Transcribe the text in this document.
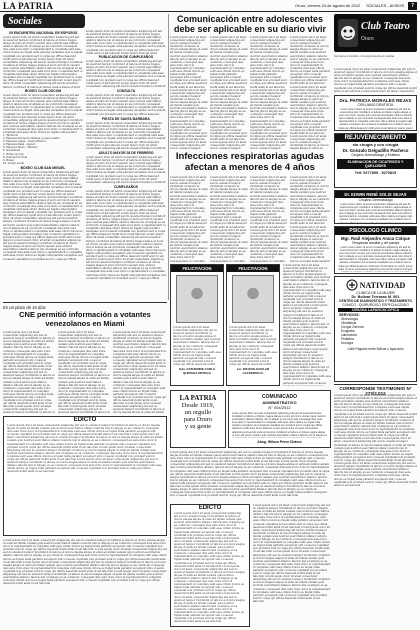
LA PATRIA	Oruro, viernes 24 de agosto de 2012 SOCIALES - AVISOS	7
Sociales
VII ENCUENTRO NACIONAL DE ESPOSOS
Lorem ipsum dolor sit amet consectetur adipiscing elit sed do eiusmod tempor incididunt ut labore et dolore magna aliqua ut enim ad minim veniam quis nostrud exercitation ullamco laboris nisi ut aliquip ex ea commodo consequat duis aute irure dolor in reprehenderit in voluptate velit esse cillum dolore eu fugiat nulla pariatur excepteur sint occaecat cupidatat non proident sunt in culpa qui officia deserunt mollit anim id est laborum Lorem ipsum dolor sit amet consectetur adipiscing elit sed do eiusmod tempor incididunt ut labore et dolore magna aliqua ut enim ad minim veniam quis nostrud exercitation ullamco laboris nisi ut aliquip ex ea commodo consequat duis aute irure dolor in reprehenderit in voluptate velit esse cillum dolore eu fugiat nulla pariatur excepteur sint occaecat cupidatat non proident sunt in culpa qui officia deserunt mollit anim id est laborum Lorem ipsum dolor sit amet consectetur adipiscing elit sed do eiusmod tempor incididunt ut labore et dolore magna aliqua ut enim ad minim veniam quis nostrud exercitation ullamco laboris nisi ut aliquip ex ea commodo consequat duis aute irure dolor in reprehenderit in voluptate velit esse cillum dolore eu fugiat nulla pariatur excepteur sint occaecat cupidatat non proident sunt in culpa qui officia deserunt mollit anim id est laborum Lorem ipsum dolor sit amet consectetur adipiscing elit sed do eiusmod tempor incididunt ut labore et dolore magna aliqua ut enim ad minim veniam quis nostrud exercitation ullamco laboris nisi ut aliquip ex ea commodo consequat duis aute irure dolor in reprehenderit in voluptate velit esse cillum dolore eu fugiat nulla pariatur excepteur sint occaecat cupidatat non proident sunt in culpa qui officia deserunt mollit anim id est laborum
BOXEO CLUB OSCOM
Lorem ipsum dolor sit amet consectetur adipiscing elit sed do eiusmod tempor incididunt ut labore et dolore magna aliqua ut enim ad minim veniam quis nostrud exercitation ullamco laboris nisi ut aliquip ex ea commodo consequat duis aute irure dolor in reprehenderit in voluptate velit esse cillum dolore eu fugiat nulla pariatur excepteur sint occaecat cupidatat non proident sunt in culpa qui officia deserunt mollit anim id est laborum Lorem ipsum dolor sit amet consectetur adipiscing elit sed do eiusmod tempor incididunt ut labore et dolore magna aliqua ut enim ad minim veniam quis nostrud exercitation ullamco laboris nisi ut aliquip ex ea commodo consequat duis aute irure dolor in reprehenderit in voluptate velit esse cillum dolore eu fugiat nulla pariatur excepteur sint occaecat cupidatat non proident sunt in culpa qui officia deserunt mollit anim id est laborum Lorem ipsum dolor sit amet consectetur adipiscing elit sed do eiusmod tempor incididunt ut labore et dolore magna aliqua ut enim ad minim veniam quis nostrud exercitation ullamco laboris nisi ut aliquip ex ea commodo consequat duis aute irure dolor in reprehenderit in voluptate velit esse cillum dolore eu fugiat nulla pariatur excepteur sint occaecat cupidatat non proident sunt in culpa qui officia deserunt mollit anim id est laborum Lorem ipsum dolor sit amet consectetur adipiscing elit sed do eiusmod tempor incididunt ut labore et dolore magna aliqua ut enim ad minim veniam quis nostrud exercitation ullamco laboris nisi ut aliquip ex ea commodo consequat duis aute irure dolor in reprehenderit in voluptate velit esse cillum dolore eu fugiat nulla pariatur excepteur sint occaecat cupidatat non proident sunt in culpa qui officia deserunt mollit anim id est laborum
1. Tamborín
2. Esposos Armando Valdivia y Juana Castro
3. Esposos Lopez - Guerra Blanco
4. Esposos Daza - Ayaviri
5. Esposos Terán - Mamani
6. Ganadores
7. Trofeo al club
8. Premiación final
9. Boxeo
10. Grupo social
BOXEO CLUB SAN MIGUEL
Lorem ipsum dolor sit amet consectetur adipiscing elit sed do eiusmod tempor incididunt ut labore et dolore magna aliqua ut enim ad minim veniam quis nostrud exercitation ullamco laboris nisi ut aliquip ex ea commodo consequat duis aute irure dolor in reprehenderit in voluptate velit esse cillum dolore eu fugiat nulla pariatur excepteur sint occaecat cupidatat non proident sunt in culpa qui officia deserunt mollit anim id est laborum Lorem ipsum dolor sit amet consectetur adipiscing elit sed do eiusmod tempor incididunt ut labore et dolore magna aliqua ut enim ad minim veniam quis nostrud exercitation ullamco laboris nisi ut aliquip ex ea commodo consequat duis aute irure dolor in reprehenderit in voluptate velit esse cillum dolore eu fugiat nulla pariatur excepteur sint occaecat cupidatat non proident sunt in culpa qui officia deserunt mollit anim id est laborum Lorem ipsum dolor sit amet consectetur adipiscing elit sed do eiusmod tempor incididunt ut labore et dolore magna aliqua ut enim ad minim veniam quis nostrud exercitation ullamco laboris nisi ut aliquip ex ea commodo consequat duis aute irure dolor in reprehenderit in voluptate velit esse cillum dolore eu fugiat nulla pariatur excepteur sint occaecat cupidatat non proident sunt in culpa qui officia deserunt mollit anim id est laborum Lorem ipsum dolor sit amet consectetur adipiscing elit sed do eiusmod tempor incididunt ut labore et dolore magna aliqua ut enim ad minim veniam quis nostrud exercitation ullamco laboris nisi ut aliquip ex ea commodo consequat duis aute irure dolor in reprehenderit in voluptate velit esse cillum dolore eu fugiat nulla pariatur excepteur sint occaecat cupidatat non proident sunt in culpa qui officia deserunt mollit anim id est laborum
Lorem ipsum dolor sit amet consectetur adipiscing elit sed do eiusmod tempor incididunt ut labore et dolore magna aliqua ut enim ad minim veniam quis nostrud exercitation ullamco laboris nisi ut aliquip ex ea commodo consequat duis aute irure dolor in reprehenderit in voluptate velit esse cillum dolore eu fugiat nulla pariatur excepteur sint occaecat cupidatat non proident sunt in culpa qui officia deserunt mollit anim id est laborum Lorem ipsum dolor sit amet consectetur adipiscing elit sed do eiusmod tempor incididunt ut labore et dolore magna aliqua ut enim ad minim veniam quis nostrud exercitation ullamco laboris nisi ut aliquip ex ea commodo consequat duis aute irure dolor in reprehenderit in voluptate velit esse cillum dolore eu fugiat nulla pariatur excepteur sint occaecat cupidatat non proident sunt in culpa qui officia deserunt mollit anim id est laborum Lorem ipsum dolor sit amet consectetur adipiscing elit sed do eiusmod tempor incididunt ut labore et dolore magna aliqua ut enim ad minim veniam quis nostrud exercitation ullamco laboris nisi ut aliquip ex ea commodo consequat duis aute irure dolor in reprehenderit in voluptate velit esse cillum dolore eu fugiat nulla pariatur excepteur sint occaecat cupidatat non proident sunt in culpa qui officia deserunt mollit anim id est laborum Lorem ipsum dolor sit amet consectetur adipiscing elit sed do eiusmod tempor incididunt ut labore et dolore magna aliqua ut enim ad minim veniam quis nostrud exercitation ullamco laboris nisi ut aliquip ex ea commodo consequat duis aute irure dolor in reprehenderit in voluptate velit esse cillum dolore eu fugiat nulla pariatur excepteur sint occaecat cupidatat non proident sunt in culpa qui officia deserunt mollit anim id est laborum
PUBLICACION DE CUMPLEAÑOS
Lorem ipsum dolor sit amet consectetur adipiscing elit sed do eiusmod tempor incididunt ut labore et dolore magna aliqua ut enim ad minim veniam quis nostrud exercitation ullamco laboris nisi ut aliquip ex ea commodo consequat duis aute irure dolor in reprehenderit in voluptate velit esse cillum dolore eu fugiat nulla pariatur excepteur sint occaecat cupidatat non proident sunt in culpa qui officia deserunt mollit anim id est laborum Lorem ipsum dolor sit amet consectetur adipiscing elit sed do eiusmod tempor incididunt ut labore et dolore magna aliqua ut enim ad minim veniam quis nostrud exercitation ullamco laboris nisi ut aliquip ex ea commodo consequat duis aute irure dolor in reprehenderit in voluptate velit esse cillum dolore eu fugiat nulla pariatur excepteur sint occaecat cupidatat non proident sunt in culpa qui officia deserunt mollit anim id est laborum Lorem ipsum dolor sit amet consectetur adipiscing elit sed do eiusmod tempor incididunt ut labore et dolore magna aliqua ut enim ad minim veniam quis nostrud exercitation ullamco laboris nisi ut aliquip ex ea commodo consequat duis aute irure dolor in reprehenderit in voluptate velit esse cillum dolore eu fugiat nulla pariatur excepteur sint occaecat cupidatat non proident sunt in culpa qui officia deserunt mollit anim id est laborum Lorem ipsum dolor sit amet consectetur adipiscing elit sed do eiusmod tempor incididunt ut labore et dolore magna aliqua ut enim ad minim veniam quis nostrud exercitation ullamco laboris nisi ut aliquip ex ea commodo consequat duis aute irure dolor in reprehenderit in voluptate velit esse cillum dolore eu fugiat nulla pariatur excepteur sint occaecat cupidatat non proident sunt in culpa qui officia deserunt mollit anim id est laborum
CONSULTA
Lorem ipsum dolor sit amet consectetur adipiscing elit sed do eiusmod tempor incididunt ut labore et dolore magna aliqua ut enim ad minim veniam quis nostrud exercitation ullamco laboris nisi ut aliquip ex ea commodo consequat duis aute irure dolor in reprehenderit in voluptate velit esse cillum dolore eu fugiat nulla pariatur excepteur sint occaecat cupidatat non proident sunt in culpa qui officia deserunt mollit anim id est laborum Lorem ipsum dolor sit amet consectetur adipiscing elit sed do eiusmod tempor incididunt ut labore et dolore magna aliqua ut enim ad minim veniam quis nostrud exercitation ullamco laboris nisi ut aliquip ex ea commodo consequat duis aute irure dolor in reprehenderit in voluptate velit esse cillum dolore eu fugiat nulla pariatur excepteur sint occaecat cupidatat non proident sunt in culpa qui officia deserunt mollit anim id est laborum Lorem ipsum dolor sit amet consectetur adipiscing elit sed do eiusmod tempor incididunt ut labore et dolore magna aliqua ut enim ad minim veniam quis nostrud exercitation ullamco laboris nisi ut aliquip ex ea commodo consequat duis aute irure dolor in reprehenderit in voluptate velit esse cillum dolore eu fugiat nulla pariatur excepteur sint occaecat cupidatat non proident sunt in culpa qui officia deserunt mollit anim id est laborum Lorem ipsum dolor sit amet consectetur adipiscing elit sed do eiusmod tempor incididunt ut labore et dolore magna aliqua ut enim ad minim veniam quis nostrud exercitation ullamco laboris nisi ut aliquip ex ea commodo consequat duis aute irure dolor in reprehenderit in voluptate velit esse cillum dolore eu fugiat nulla pariatur excepteur sint occaecat cupidatat non proident sunt in culpa qui officia deserunt mollit anim id est laborum
FIESTA DE SANTA BARBARA
Lorem ipsum dolor sit amet consectetur adipiscing elit sed do eiusmod tempor incididunt ut labore et dolore magna aliqua ut enim ad minim veniam quis nostrud exercitation ullamco laboris nisi ut aliquip ex ea commodo consequat duis aute irure dolor in reprehenderit in voluptate velit esse cillum dolore eu fugiat nulla pariatur excepteur sint occaecat cupidatat non proident sunt in culpa qui officia deserunt mollit anim id est laborum Lorem ipsum dolor sit amet consectetur adipiscing elit sed do eiusmod tempor incididunt ut labore et dolore magna aliqua ut enim ad minim veniam quis nostrud exercitation ullamco laboris nisi ut aliquip ex ea commodo consequat duis aute irure dolor in reprehenderit in voluptate velit esse cillum dolore eu fugiat nulla pariatur excepteur sint occaecat cupidatat non proident sunt in culpa qui officia deserunt mollit anim id est laborum Lorem ipsum dolor sit amet consectetur adipiscing elit sed do eiusmod tempor incididunt ut labore et dolore magna aliqua ut enim ad minim veniam quis nostrud exercitation ullamco laboris nisi ut aliquip ex ea commodo consequat duis aute irure dolor in reprehenderit in voluptate velit esse cillum dolore eu fugiat nulla pariatur excepteur sint occaecat cupidatat non proident sunt in culpa qui officia deserunt mollit anim id est laborum Lorem ipsum dolor sit amet consectetur adipiscing elit sed do eiusmod tempor incididunt ut labore et dolore magna aliqua ut enim ad minim veniam quis nostrud exercitation ullamco laboris nisi ut aliquip ex ea commodo consequat duis aute irure dolor in reprehenderit in voluptate velit esse cillum dolore eu fugiat nulla pariatur excepteur sint occaecat cupidatat non proident sunt in culpa qui officia deserunt mollit anim id est laborum
ADULTO MAYOR 28 DE FEBRERO
Lorem ipsum dolor sit amet consectetur adipiscing elit sed do eiusmod tempor incididunt ut labore et dolore magna aliqua ut enim ad minim veniam quis nostrud exercitation ullamco laboris nisi ut aliquip ex ea commodo consequat duis aute irure dolor in reprehenderit in voluptate velit esse cillum dolore eu fugiat nulla pariatur excepteur sint occaecat cupidatat non proident sunt in culpa qui officia deserunt mollit anim id est laborum Lorem ipsum dolor sit amet consectetur adipiscing elit sed do eiusmod tempor incididunt ut labore et dolore magna aliqua ut enim ad minim veniam quis nostrud exercitation ullamco laboris nisi ut aliquip ex ea commodo consequat duis aute irure dolor in reprehenderit in voluptate velit esse cillum dolore eu fugiat nulla pariatur excepteur sint occaecat cupidatat non proident sunt in culpa qui officia deserunt mollit anim id est laborum Lorem ipsum dolor sit amet consectetur adipiscing elit sed do eiusmod tempor incididunt ut labore et dolore magna aliqua ut enim ad minim veniam quis nostrud exercitation ullamco laboris nisi ut aliquip ex ea commodo consequat duis aute irure dolor in reprehenderit in voluptate velit esse cillum dolore eu fugiat nulla pariatur excepteur sint occaecat cupidatat non proident sunt in culpa qui officia deserunt mollit anim id est laborum Lorem ipsum dolor sit amet consectetur adipiscing elit sed do eiusmod tempor incididunt ut labore et dolore magna aliqua ut enim ad minim veniam quis nostrud exercitation ullamco laboris nisi ut aliquip ex ea commodo consequat duis aute irure dolor in reprehenderit in voluptate velit esse cillum dolore eu fugiat nulla pariatur excepteur sint occaecat cupidatat non proident sunt in culpa qui officia deserunt mollit anim id est laborum
CUMPLEAÑOS
Lorem ipsum dolor sit amet consectetur adipiscing elit sed do eiusmod tempor incididunt ut labore et dolore magna aliqua ut enim ad minim veniam quis nostrud exercitation ullamco laboris nisi ut aliquip ex ea commodo consequat duis aute irure dolor in reprehenderit in voluptate velit esse cillum dolore eu fugiat nulla pariatur excepteur sint occaecat cupidatat non proident sunt in culpa qui officia deserunt mollit anim id est laborum Lorem ipsum dolor sit amet consectetur adipiscing elit sed do eiusmod tempor incididunt ut labore et dolore magna aliqua ut enim ad minim veniam quis nostrud exercitation ullamco laboris nisi ut aliquip ex ea commodo consequat duis aute irure dolor in reprehenderit in voluptate velit esse cillum dolore eu fugiat nulla pariatur excepteur sint occaecat cupidatat non proident sunt in culpa qui officia deserunt mollit anim id est laborum Lorem ipsum dolor sit amet consectetur adipiscing elit sed do eiusmod tempor incididunt ut labore et dolore magna aliqua ut enim ad minim veniam quis nostrud exercitation ullamco laboris nisi ut aliquip ex ea commodo consequat duis aute irure dolor in reprehenderit in voluptate velit esse cillum dolore eu fugiat nulla pariatur excepteur sint occaecat cupidatat non proident sunt in culpa qui officia deserunt mollit anim id est laborum Lorem ipsum dolor sit amet consectetur adipiscing elit sed do eiusmod tempor incididunt ut labore et dolore magna aliqua ut enim ad minim veniam quis nostrud exercitation ullamco laboris nisi ut aliquip ex ea commodo consequat duis aute irure dolor in reprehenderit in voluptate velit esse cillum dolore eu fugiat nulla pariatur excepteur sint occaecat cupidatat non proident sunt in culpa qui officia deserunt mollit anim id est laborum
Comunicación entre adolescentes debe ser aplicable en su diario vivir
Lorem ipsum dolor sit amet consectetur adipiscing elit sed do eiusmod tempor incididunt ut labore et dolore magna aliqua ut enim ad minim veniam quis nostrud exercitation ullamco laboris nisi ut aliquip ex ea commodo consequat duis aute irure dolor in reprehenderit in voluptate velit esse cillum dolore eu fugiat nulla pariatur excepteur sint occaecat cupidatat non proident sunt in culpa qui officia deserunt mollit anim id est laborum Lorem ipsum dolor sit amet consectetur adipiscing elit sed do eiusmod tempor incididunt ut labore et dolore magna aliqua ut enim ad minim veniam quis nostrud exercitation ullamco laboris nisi ut aliquip ex ea commodo consequat duis aute irure dolor in reprehenderit in voluptate velit esse cillum dolore eu fugiat nulla pariatur excepteur sint occaecat cupidatat non proident sunt in culpa qui officia deserunt mollit anim id est laborum Lorem ipsum dolor sit amet consectetur adipiscing elit sed do eiusmod tempor incididunt ut labore et dolore magna aliqua ut enim ad minim veniam quis nostrud exercitation ullamco laboris nisi ut aliquip ex ea commodo consequat duis aute irure dolor in reprehenderit in voluptate velit esse cillum dolore eu fugiat nulla pariatur excepteur sint occaecat cupidatat non proident sunt in culpa qui officia deserunt mollit anim id est laborum Lorem ipsum dolor sit amet consectetur adipiscing elit sed do eiusmod tempor incididunt ut labore et dolore magna aliqua ut enim ad minim veniam quis nostrud exercitation ullamco laboris nisi ut aliquip ex ea commodo consequat duis aute irure dolor in reprehenderit in voluptate velit esse cillum dolore eu fugiat nulla pariatur excepteur sint occaecat cupidatat non proident sunt in culpa qui officia deserunt mollit anim id est laborum
Lorem ipsum dolor sit amet consectetur adipiscing elit sed do eiusmod tempor incididunt ut labore et dolore magna aliqua ut enim ad minim veniam quis nostrud exercitation ullamco laboris nisi ut aliquip ex ea commodo consequat duis aute irure dolor in reprehenderit in voluptate velit esse cillum dolore eu fugiat nulla pariatur excepteur sint occaecat cupidatat non proident sunt in culpa qui officia deserunt mollit anim id est laborum Lorem ipsum dolor sit amet consectetur adipiscing elit sed do eiusmod tempor incididunt ut labore et dolore magna aliqua ut enim ad minim veniam quis nostrud exercitation ullamco laboris nisi ut aliquip ex ea commodo consequat duis aute irure dolor in reprehenderit in voluptate velit esse cillum dolore eu fugiat nulla pariatur excepteur sint occaecat cupidatat non proident sunt in culpa qui officia deserunt mollit anim id est laborum Lorem ipsum dolor sit amet consectetur adipiscing elit sed do eiusmod tempor incididunt ut labore et dolore magna aliqua ut enim ad minim veniam quis nostrud exercitation ullamco laboris nisi ut aliquip ex ea commodo consequat duis aute irure dolor in reprehenderit in voluptate velit esse cillum dolore eu fugiat nulla pariatur excepteur sint occaecat cupidatat non proident sunt in culpa qui officia deserunt mollit anim id est laborum Lorem ipsum dolor sit amet consectetur adipiscing elit sed do eiusmod tempor incididunt ut labore et dolore magna aliqua ut enim ad minim veniam quis nostrud exercitation ullamco laboris nisi ut aliquip ex ea commodo consequat duis aute irure dolor in reprehenderit in voluptate velit esse cillum dolore eu fugiat nulla pariatur excepteur sint occaecat cupidatat non proident sunt in culpa qui officia deserunt mollit anim id est laborum
Lorem ipsum dolor sit amet consectetur adipiscing elit sed do eiusmod tempor incididunt ut labore et dolore magna aliqua ut enim ad minim veniam quis nostrud exercitation ullamco laboris nisi ut aliquip ex ea commodo consequat duis aute irure dolor in reprehenderit in voluptate velit esse cillum dolore eu fugiat nulla pariatur excepteur sint occaecat cupidatat non proident sunt in culpa qui officia deserunt mollit anim id est laborum Lorem ipsum dolor sit amet consectetur adipiscing elit sed do eiusmod tempor incididunt ut labore et dolore magna aliqua ut enim ad minim veniam quis nostrud exercitation ullamco laboris nisi ut aliquip ex ea commodo consequat duis aute irure dolor in reprehenderit in voluptate velit esse cillum dolore eu fugiat nulla pariatur excepteur sint occaecat cupidatat non proident sunt in culpa qui officia deserunt mollit anim id est laborum Lorem ipsum dolor sit amet consectetur adipiscing elit sed do eiusmod tempor incididunt ut labore et dolore magna aliqua ut enim ad minim veniam quis nostrud exercitation ullamco laboris nisi ut aliquip ex ea commodo consequat duis aute irure dolor in reprehenderit in voluptate velit esse cillum dolore eu fugiat nulla pariatur excepteur sint occaecat cupidatat non proident sunt in culpa qui officia deserunt mollit anim id est laborum Lorem ipsum dolor sit amet consectetur adipiscing elit sed do eiusmod tempor incididunt ut labore et dolore magna aliqua ut enim ad minim veniam quis nostrud exercitation ullamco laboris nisi ut aliquip ex ea commodo consequat duis aute irure dolor in reprehenderit in voluptate velit esse cillum dolore eu fugiat nulla pariatur excepteur sint occaecat cupidatat non proident sunt in culpa qui officia deserunt mollit anim id est laborum
Lorem ipsum dolor sit amet consectetur adipiscing elit sed do eiusmod tempor incididunt ut labore et dolore magna aliqua ut enim ad minim veniam quis nostrud exercitation ullamco laboris nisi ut aliquip ex ea commodo consequat duis aute irure dolor in reprehenderit in voluptate velit esse cillum dolore eu fugiat nulla pariatur excepteur sint occaecat cupidatat non proident sunt in culpa qui officia deserunt mollit anim id est laborum Lorem ipsum dolor sit amet consectetur adipiscing elit sed do eiusmod tempor incididunt ut labore et dolore magna aliqua ut enim ad minim veniam quis nostrud exercitation ullamco laboris nisi ut aliquip ex ea commodo consequat duis aute irure dolor in reprehenderit in voluptate velit esse cillum dolore eu fugiat nulla pariatur excepteur sint occaecat cupidatat non proident sunt in culpa qui officia deserunt mollit anim id est laborum Lorem ipsum dolor sit amet consectetur adipiscing elit sed do eiusmod tempor incididunt ut labore et dolore magna aliqua ut enim ad minim veniam quis nostrud exercitation ullamco laboris nisi ut aliquip ex ea commodo consequat duis aute irure dolor in reprehenderit in voluptate velit esse cillum dolore eu fugiat nulla pariatur excepteur sint occaecat cupidatat non proident sunt in culpa qui officia deserunt mollit anim id est laborum Lorem ipsum dolor sit amet consectetur adipiscing elit sed do eiusmod tempor incididunt ut labore et dolore magna aliqua ut enim ad minim veniam quis nostrud exercitation ullamco laboris nisi ut aliquip ex ea commodo consequat duis aute irure dolor in reprehenderit in voluptate velit esse cillum dolore eu fugiat nulla pariatur excepteur sint occaecat cupidatat non proident sunt in culpa qui officia deserunt mollit anim id est laborum
Infecciones respiratorias agudas afectan a menores de 4 años
Lorem ipsum dolor sit amet consectetur adipiscing elit sed do eiusmod tempor incididunt ut labore et dolore magna aliqua ut enim ad minim veniam quis nostrud exercitation ullamco laboris nisi ut aliquip ex ea commodo consequat duis aute irure dolor in reprehenderit in voluptate velit esse cillum dolore eu fugiat nulla pariatur excepteur sint occaecat cupidatat non proident sunt in culpa qui officia deserunt mollit anim id est laborum Lorem ipsum dolor sit amet consectetur adipiscing elit sed do eiusmod tempor incididunt ut labore et dolore magna aliqua ut enim ad minim veniam quis nostrud exercitation ullamco laboris nisi ut aliquip ex ea commodo consequat duis aute irure dolor in reprehenderit in voluptate velit esse cillum dolore eu fugiat nulla pariatur excepteur sint occaecat cupidatat non proident sunt in culpa qui officia deserunt mollit anim id est laborum Lorem ipsum dolor sit amet consectetur adipiscing elit sed do eiusmod tempor incididunt ut labore et dolore magna aliqua ut enim ad minim veniam quis nostrud exercitation ullamco laboris nisi ut aliquip ex ea commodo consequat duis aute irure dolor in reprehenderit in voluptate velit esse cillum dolore eu fugiat nulla pariatur excepteur sint occaecat cupidatat non proident sunt in culpa qui officia deserunt mollit anim id est laborum Lorem ipsum dolor sit amet consectetur adipiscing elit sed do eiusmod tempor incididunt ut labore et dolore magna aliqua ut enim ad minim veniam quis nostrud exercitation ullamco laboris nisi ut aliquip ex ea commodo consequat duis aute irure dolor in reprehenderit in voluptate velit esse cillum dolore eu fugiat nulla pariatur excepteur sint occaecat cupidatat non proident sunt in culpa qui officia deserunt mollit anim id est laborum
Lorem ipsum dolor sit amet consectetur adipiscing elit sed do eiusmod tempor incididunt ut labore et dolore magna aliqua ut enim ad minim veniam quis nostrud exercitation ullamco laboris nisi ut aliquip ex ea commodo consequat duis aute irure dolor in reprehenderit in voluptate velit esse cillum dolore eu fugiat nulla pariatur excepteur sint occaecat cupidatat non proident sunt in culpa qui officia deserunt mollit anim id est laborum Lorem ipsum dolor sit amet consectetur adipiscing elit sed do eiusmod tempor incididunt ut labore et dolore magna aliqua ut enim ad minim veniam quis nostrud exercitation ullamco laboris nisi ut aliquip ex ea commodo consequat duis aute irure dolor in reprehenderit in voluptate velit esse cillum dolore eu fugiat nulla pariatur excepteur sint occaecat cupidatat non proident sunt in culpa qui officia deserunt mollit anim id est laborum Lorem ipsum dolor sit amet consectetur adipiscing elit sed do eiusmod tempor incididunt ut labore et dolore magna aliqua ut enim ad minim veniam quis nostrud exercitation ullamco laboris nisi ut aliquip ex ea commodo consequat duis aute irure dolor in reprehenderit in voluptate velit esse cillum dolore eu fugiat nulla pariatur excepteur sint occaecat cupidatat non proident sunt in culpa qui officia deserunt mollit anim id est laborum Lorem ipsum dolor sit amet consectetur adipiscing elit sed do eiusmod tempor incididunt ut labore et dolore magna aliqua ut enim ad minim veniam quis nostrud exercitation ullamco laboris nisi ut aliquip ex ea commodo consequat duis aute irure dolor in reprehenderit in voluptate velit esse cillum dolore eu fugiat nulla pariatur excepteur sint occaecat cupidatat non proident sunt in culpa qui officia deserunt mollit anim id est laborum
Lorem ipsum dolor sit amet consectetur adipiscing elit sed do eiusmod tempor incididunt ut labore et dolore magna aliqua ut enim ad minim veniam quis nostrud exercitation ullamco laboris nisi ut aliquip ex ea commodo consequat duis aute irure dolor in reprehenderit in voluptate velit esse cillum dolore eu fugiat nulla pariatur excepteur sint occaecat cupidatat non proident sunt in culpa qui officia deserunt mollit anim id est laborum Lorem ipsum dolor sit amet consectetur adipiscing elit sed do eiusmod tempor incididunt ut labore et dolore magna aliqua ut enim ad minim veniam quis nostrud exercitation ullamco laboris nisi ut aliquip ex ea commodo consequat duis aute irure dolor in reprehenderit in voluptate velit esse cillum dolore eu fugiat nulla pariatur excepteur sint occaecat cupidatat non proident sunt in culpa qui officia deserunt mollit anim id est laborum Lorem ipsum dolor sit amet consectetur adipiscing elit sed do eiusmod tempor incididunt ut labore et dolore magna aliqua ut enim ad minim veniam quis nostrud exercitation ullamco laboris nisi ut aliquip ex ea commodo consequat duis aute irure dolor in reprehenderit in voluptate velit esse cillum dolore eu fugiat nulla pariatur excepteur sint occaecat cupidatat non proident sunt in culpa qui officia deserunt mollit anim id est laborum Lorem ipsum dolor sit amet consectetur adipiscing elit sed do eiusmod tempor incididunt ut labore et dolore magna aliqua ut enim ad minim veniam quis nostrud exercitation ullamco laboris nisi ut aliquip ex ea commodo consequat duis aute irure dolor in reprehenderit in voluptate velit esse cillum dolore eu fugiat nulla pariatur excepteur sint occaecat cupidatat non proident sunt in culpa qui officia deserunt mollit anim id est laborum
Lorem ipsum dolor sit amet consectetur adipiscing elit sed do eiusmod tempor incididunt ut labore et dolore magna aliqua ut enim ad minim veniam quis nostrud exercitation ullamco laboris nisi ut aliquip ex ea commodo consequat duis aute irure dolor in reprehenderit in voluptate velit esse cillum dolore eu fugiat nulla pariatur excepteur sint occaecat cupidatat non proident sunt in culpa qui officia deserunt mollit anim id est laborum Lorem ipsum dolor sit amet consectetur adipiscing elit sed do eiusmod tempor incididunt ut labore et dolore magna aliqua ut enim ad minim veniam quis nostrud exercitation ullamco laboris nisi ut aliquip ex ea commodo consequat duis aute irure dolor in reprehenderit in voluptate velit esse cillum dolore eu fugiat nulla pariatur excepteur sint occaecat cupidatat non proident sunt in culpa qui officia deserunt mollit anim id est laborum Lorem ipsum dolor sit amet consectetur adipiscing elit sed do eiusmod tempor incididunt ut labore et dolore magna aliqua ut enim ad minim veniam quis nostrud exercitation ullamco laboris nisi ut aliquip ex ea commodo consequat duis aute irure dolor in reprehenderit in voluptate velit esse cillum dolore eu fugiat nulla pariatur excepteur sint occaecat cupidatat non proident sunt in culpa qui officia deserunt mollit anim id est laborum Lorem ipsum dolor sit amet consectetur adipiscing elit sed do eiusmod tempor incididunt ut labore et dolore magna aliqua ut enim ad minim veniam quis nostrud exercitation ullamco laboris nisi ut aliquip ex ea commodo consequat duis aute irure dolor in reprehenderit in voluptate velit esse cillum dolore eu fugiat nulla pariatur excepteur sint occaecat cupidatat non proident sunt in culpa qui officia deserunt mollit anim id est laborum
Club Teatro
Oruro
Se busca a hombre con experiencia en ventas
Lorem ipsum dolor sit amet consectetur adipiscing elit sed do eiusmod tempor incididunt ut labore et dolore magna aliqua ut enim ad minim veniam quis nostrud exercitation ullamco laboris nisi ut aliquip ex ea commodo consequat duis aute irure dolor in reprehenderit in voluptate velit esse cillum dolore eu fugiat nulla pariatur excepteur sint occaecat cupidatat non proident sunt in culpa qui officia deserunt mollit anim id est laborum Lorem ipsum dolor sit amet consectetur adipiscing elit sed do eiusmod tempor incididunt ut labore et dolore magna aliqua ut enim ad minim veniam quis nostrud exercitation ullamco laboris nisi ut aliquip ex ea commodo consequat duis aute irure dolor in reprehenderit in voluptate velit esse cillum dolore eu fugiat nulla pariatur excepteur sint occaecat cupidatat non proident sunt in culpa qui officia deserunt mollit anim id est laborum Lorem ipsum dolor sit amet consectetur adipiscing elit sed do eiusmod tempor incididunt ut labore et dolore magna aliqua ut enim ad minim veniam quis nostrud exercitation ullamco laboris nisi ut aliquip ex ea commodo consequat duis aute irure dolor in reprehenderit in voluptate velit esse cillum dolore eu fugiat nulla pariatur excepteur sint occaecat cupidatat non proident sunt in culpa qui officia deserunt mollit anim id est laborum Lorem ipsum dolor sit amet consectetur adipiscing elit sed do eiusmod tempor incididunt ut labore et dolore magna aliqua ut enim ad minim veniam quis nostrud exercitation ullamco laboris nisi ut aliquip ex ea commodo consequat duis aute irure dolor in reprehenderit in voluptate velit esse cillum dolore eu fugiat nulla pariatur excepteur sint occaecat cupidatat non proident sunt in culpa qui officia deserunt mollit anim id est laborum
Dra. PATRICIA MORALES REJAS
CIRUJANO DENTISTA
Lorem ipsum dolor sit amet consectetur adipiscing elit sed do eiusmod tempor incididunt ut labore et dolore magna aliqua ut enim ad minim veniam quis nostrud exercitation ullamco laboris nisi ut aliquip ex ea commodo consequat duis aute irure dolor in reprehenderit in voluptate velit esse cillum dolore eu fugiat nulla pariatur excepteur sint occaecat cupidatat non proident sunt in culpa qui officia deserunt mollit anim id est laborum Lorem ipsum dolor sit amet consectetur adipiscing elit sed do eiusmod tempor incididunt ut labore et dolore magna aliqua ut enim ad minim veniam quis nostrud exercitation ullamco laboris nisi ut aliquip ex ea commodo consequat duis aute irure dolor in reprehenderit in voluptate velit esse cillum dolore eu fugiat nulla pariatur excepteur sint occaecat cupidatat non proident sunt in culpa qui officia deserunt mollit anim id est laborum Lorem ipsum dolor sit amet consectetur adipiscing elit sed do eiusmod tempor incididunt ut labore et dolore magna aliqua ut enim ad minim veniam quis nostrud exercitation ullamco laboris nisi ut aliquip ex ea commodo consequat duis aute irure dolor in reprehenderit in voluptate velit esse cillum dolore eu fugiat nulla pariatur excepteur sint occaecat cupidatat non proident sunt in culpa qui officia deserunt mollit anim id est laborum Lorem ipsum dolor sit amet consectetur adipiscing elit sed do eiusmod tempor incididunt ut labore et dolore magna aliqua ut enim ad minim veniam quis nostrud exercitation ullamco laboris nisi ut aliquip ex ea commodo consequat duis aute irure dolor in reprehenderit in voluptate velit esse cillum dolore eu fugiat nulla pariatur excepteur sint occaecat cupidatat non proident sunt in culpa qui officia deserunt mollit anim id est laborum
REJUVENECIMIENTO
sin cirugía y con cirugía
Dr. Gonzalo Delgadillo Pacheco
Cirujano Dermatólogo y Estético
ELIMINACION DE CICATRICES Y QUELOIDES
Telf. 5277895 - 5270819
Dr. EDWIN RENÉ SOLIS SEJAS
Cirujano Dermatólogo
Lorem ipsum dolor sit amet consectetur adipiscing elit sed do eiusmod tempor incididunt ut labore et dolore magna aliqua ut enim ad minim veniam quis nostrud exercitation ullamco laboris nisi ut aliquip ex ea commodo consequat duis aute irure dolor in reprehenderit in voluptate velit esse cillum dolore eu fugiat nulla pariatur excepteur sint occaecat cupidatat non proident sunt in culpa qui officia deserunt mollit anim id est laborum Lorem ipsum dolor sit amet consectetur adipiscing elit sed do eiusmod tempor incididunt ut labore et dolore magna aliqua ut enim ad minim veniam quis nostrud exercitation ullamco laboris nisi ut aliquip ex ea commodo consequat duis aute irure dolor in reprehenderit in voluptate velit esse cillum dolore eu fugiat nulla pariatur excepteur sint occaecat cupidatat non proident sunt in culpa qui officia deserunt mollit anim id est laborum Lorem ipsum dolor sit amet consectetur adipiscing elit sed do eiusmod tempor incididunt ut labore et dolore magna aliqua ut enim ad minim veniam quis nostrud exercitation ullamco laboris nisi ut aliquip ex ea commodo consequat duis aute irure dolor in reprehenderit in voluptate velit esse cillum dolore eu fugiat nulla pariatur excepteur sint occaecat cupidatat non proident sunt in culpa qui officia deserunt mollit anim id est laborum Lorem ipsum dolor sit amet consectetur adipiscing elit sed do eiusmod tempor incididunt ut labore et dolore magna aliqua ut enim ad minim veniam quis nostrud exercitation ullamco laboris nisi ut aliquip ex ea commodo consequat duis aute irure dolor in reprehenderit in voluptate velit esse cillum dolore eu fugiat nulla pariatur excepteur sint occaecat cupidatat non proident sunt in culpa qui officia deserunt mollit anim id est laborum
PSICOLOGO CLINICO
Mgr. Raúl Alejandro Araca Colque
Terapeuta familiar y de pareja
Lorem ipsum dolor sit amet consectetur adipiscing elit sed do eiusmod tempor incididunt ut labore et dolore magna aliqua ut enim ad minim veniam quis nostrud exercitation ullamco laboris nisi ut aliquip ex ea commodo consequat duis aute irure dolor in reprehenderit in voluptate velit esse cillum dolore eu fugiat nulla pariatur excepteur sint occaecat cupidatat non proident sunt in culpa qui officia deserunt mollit anim id est laborum Lorem ipsum dolor sit amet consectetur adipiscing elit sed do eiusmod tempor incididunt ut labore et dolore magna aliqua ut enim ad minim veniam quis nostrud exercitation ullamco laboris nisi ut aliquip ex ea commodo consequat duis aute irure dolor in reprehenderit in voluptate velit esse cillum dolore eu fugiat nulla pariatur excepteur sint occaecat cupidatat non proident sunt in culpa qui officia deserunt mollit anim id est laborum Lorem ipsum dolor sit amet consectetur adipiscing elit sed do eiusmod tempor incididunt ut labore et dolore magna aliqua ut enim ad minim veniam quis nostrud exercitation ullamco laboris nisi ut aliquip ex ea commodo consequat duis aute irure dolor in reprehenderit in voluptate velit esse cillum dolore eu fugiat nulla pariatur excepteur sint occaecat cupidatat non proident sunt in culpa qui officia deserunt mollit anim id est laborum Lorem ipsum dolor sit amet consectetur adipiscing elit sed do eiusmod tempor incididunt ut labore et dolore magna aliqua ut enim ad minim veniam quis nostrud exercitation ullamco laboris nisi ut aliquip ex ea commodo consequat duis aute irure dolor in reprehenderit in voluptate velit esse cillum dolore eu fugiat nulla pariatur excepteur sint occaecat cupidatat non proident sunt in culpa qui officia deserunt mollit anim id est laborum
NATIVIDAD
CLINICA DE LA MUJER
Dr. Bolivar Terrazas M. 501
CENTRO DE DIAGNOSTICO Y TRATAMIENTO
CLINICO - QUIRURGICO ESPECIALIZADO
CIRUGIA LAPAROSCOPICA
SERVICIOS:
Ginecología
Obstetricia
Cirugía General
Ecografía
Laboratorio
Pediatría
Urología
Calle Pagador entre Bolívar y Ayacucho
En un plazo de 15 días
CNE permitió información a votantes venezolanos en Miami
Lorem ipsum dolor sit amet consectetur adipiscing elit sed do eiusmod tempor incididunt ut labore et dolore magna aliqua ut enim ad minim veniam quis nostrud exercitation ullamco laboris nisi ut aliquip ex ea commodo consequat duis aute irure dolor in reprehenderit in voluptate velit esse cillum dolore eu fugiat nulla pariatur excepteur sint occaecat cupidatat non proident sunt in culpa qui officia deserunt mollit anim id est laborum Lorem ipsum dolor sit amet consectetur adipiscing elit sed do eiusmod tempor incididunt ut labore et dolore magna aliqua ut enim ad minim veniam quis nostrud exercitation ullamco laboris nisi ut aliquip ex ea commodo consequat duis aute irure dolor in reprehenderit in voluptate velit esse cillum dolore eu fugiat nulla pariatur excepteur sint occaecat cupidatat non proident sunt in culpa qui officia deserunt mollit anim id est laborum Lorem ipsum dolor sit amet consectetur adipiscing elit sed do eiusmod tempor incididunt ut labore et dolore magna aliqua ut enim ad minim veniam quis nostrud exercitation ullamco laboris nisi ut aliquip ex ea commodo consequat duis aute irure dolor in reprehenderit in voluptate velit esse cillum dolore eu fugiat nulla pariatur excepteur sint occaecat cupidatat non proident sunt in culpa qui officia deserunt mollit anim id est laborum Lorem ipsum dolor sit amet consectetur adipiscing elit sed do eiusmod tempor incididunt ut labore et dolore magna aliqua ut enim ad minim veniam quis nostrud exercitation ullamco laboris nisi ut aliquip ex ea commodo consequat duis aute irure dolor in reprehenderit in voluptate velit esse cillum dolore eu fugiat nulla pariatur excepteur sint occaecat cupidatat non proident sunt in culpa qui officia deserunt mollit anim id est laborum
Lorem ipsum dolor sit amet consectetur adipiscing elit sed do eiusmod tempor incididunt ut labore et dolore magna aliqua ut enim ad minim veniam quis nostrud exercitation ullamco laboris nisi ut aliquip ex ea commodo consequat duis aute irure dolor in reprehenderit in voluptate velit esse cillum dolore eu fugiat nulla pariatur excepteur sint occaecat cupidatat non proident sunt in culpa qui officia deserunt mollit anim id est laborum Lorem ipsum dolor sit amet consectetur adipiscing elit sed do eiusmod tempor incididunt ut labore et dolore magna aliqua ut enim ad minim veniam quis nostrud exercitation ullamco laboris nisi ut aliquip ex ea commodo consequat duis aute irure dolor in reprehenderit in voluptate velit esse cillum dolore eu fugiat nulla pariatur excepteur sint occaecat cupidatat non proident sunt in culpa qui officia deserunt mollit anim id est laborum Lorem ipsum dolor sit amet consectetur adipiscing elit sed do eiusmod tempor incididunt ut labore et dolore magna aliqua ut enim ad minim veniam quis nostrud exercitation ullamco laboris nisi ut aliquip ex ea commodo consequat duis aute irure dolor in reprehenderit in voluptate velit esse cillum dolore eu fugiat nulla pariatur excepteur sint occaecat cupidatat non proident sunt in culpa qui officia deserunt mollit anim id est laborum Lorem ipsum dolor sit amet consectetur adipiscing elit sed do eiusmod tempor incididunt ut labore et dolore magna aliqua ut enim ad minim veniam quis nostrud exercitation ullamco laboris nisi ut aliquip ex ea commodo consequat duis aute irure dolor in reprehenderit in voluptate velit esse cillum dolore eu fugiat nulla pariatur excepteur sint occaecat cupidatat non proident sunt in culpa qui officia deserunt mollit anim id est laborum
Lorem ipsum dolor sit amet consectetur adipiscing elit sed do eiusmod tempor incididunt ut labore et dolore magna aliqua ut enim ad minim veniam quis nostrud exercitation ullamco laboris nisi ut aliquip ex ea commodo consequat duis aute irure dolor in reprehenderit in voluptate velit esse cillum dolore eu fugiat nulla pariatur excepteur sint occaecat cupidatat non proident sunt in culpa qui officia deserunt mollit anim id est laborum Lorem ipsum dolor sit amet consectetur adipiscing elit sed do eiusmod tempor incididunt ut labore et dolore magna aliqua ut enim ad minim veniam quis nostrud exercitation ullamco laboris nisi ut aliquip ex ea commodo consequat duis aute irure dolor in reprehenderit in voluptate velit esse cillum dolore eu fugiat nulla pariatur excepteur sint occaecat cupidatat non proident sunt in culpa qui officia deserunt mollit anim id est laborum Lorem ipsum dolor sit amet consectetur adipiscing elit sed do eiusmod tempor incididunt ut labore et dolore magna aliqua ut enim ad minim veniam quis nostrud exercitation ullamco laboris nisi ut aliquip ex ea commodo consequat duis aute irure dolor in reprehenderit in voluptate velit esse cillum dolore eu fugiat nulla pariatur excepteur sint occaecat cupidatat non proident sunt in culpa qui officia deserunt mollit anim id est laborum Lorem ipsum dolor sit amet consectetur adipiscing elit sed do eiusmod tempor incididunt ut labore et dolore magna aliqua ut enim ad minim veniam quis nostrud exercitation ullamco laboris nisi ut aliquip ex ea commodo consequat duis aute irure dolor in reprehenderit in voluptate velit esse cillum dolore eu fugiat nulla pariatur excepteur sint occaecat cupidatat non proident sunt in culpa qui officia deserunt mollit anim id est laborum
EDICTO
Lorem ipsum dolor sit amet consectetur adipiscing elit sed do eiusmod tempor incididunt ut labore et dolore magna aliqua ut enim ad minim veniam quis nostrud exercitation ullamco laboris nisi ut aliquip ex ea commodo consequat duis aute irure dolor in reprehenderit in voluptate velit esse cillum dolore eu fugiat nulla pariatur excepteur sint occaecat cupidatat non proident sunt in culpa qui officia deserunt mollit anim id est laborum Lorem ipsum dolor sit amet consectetur adipiscing elit sed do eiusmod tempor incididunt ut labore et dolore magna aliqua ut enim ad minim veniam quis nostrud exercitation ullamco laboris nisi ut aliquip ex ea commodo consequat duis aute irure dolor in reprehenderit in voluptate velit esse cillum dolore eu fugiat nulla pariatur excepteur sint occaecat cupidatat non proident sunt in culpa qui officia deserunt mollit anim id est laborum Lorem ipsum dolor sit amet consectetur adipiscing elit sed do eiusmod tempor incididunt ut labore et dolore magna aliqua ut enim ad minim veniam quis nostrud exercitation ullamco laboris nisi ut aliquip ex ea commodo consequat duis aute irure dolor in reprehenderit in voluptate velit esse cillum dolore eu fugiat nulla pariatur excepteur sint occaecat cupidatat non proident sunt in culpa qui officia deserunt mollit anim id est laborum Lorem ipsum dolor sit amet consectetur adipiscing elit sed do eiusmod tempor incididunt ut labore et dolore magna aliqua ut enim ad minim veniam quis nostrud exercitation ullamco laboris nisi ut aliquip ex ea commodo consequat duis aute irure dolor in reprehenderit in voluptate velit esse cillum dolore eu fugiat nulla pariatur excepteur sint occaecat cupidatat non proident sunt in culpa qui officia deserunt mollit anim id est laborum
Lorem ipsum dolor sit amet consectetur adipiscing elit sed do eiusmod tempor incididunt ut labore et dolore magna aliqua ut enim ad minim veniam quis nostrud exercitation ullamco laboris nisi ut aliquip ex ea commodo consequat duis aute irure dolor in reprehenderit in voluptate velit esse cillum dolore eu fugiat nulla pariatur excepteur sint occaecat cupidatat non proident sunt in culpa qui officia deserunt mollit anim id est laborum Lorem ipsum dolor sit amet consectetur adipiscing elit sed do eiusmod tempor incididunt ut labore et dolore magna aliqua ut enim ad minim veniam quis nostrud exercitation ullamco laboris nisi ut aliquip ex ea commodo consequat duis aute irure dolor in reprehenderit in voluptate velit esse cillum dolore eu fugiat nulla pariatur excepteur sint occaecat cupidatat non proident sunt in culpa qui officia deserunt mollit anim id est laborum Lorem ipsum dolor sit amet consectetur adipiscing elit sed do eiusmod tempor incididunt ut labore et dolore magna aliqua ut enim ad minim veniam quis nostrud exercitation ullamco laboris nisi ut aliquip ex ea commodo consequat duis aute irure dolor in reprehenderit in voluptate velit esse cillum dolore eu fugiat nulla pariatur excepteur sint occaecat cupidatat non proident sunt in culpa qui officia deserunt mollit anim id est laborum Lorem ipsum dolor sit amet consectetur adipiscing elit sed do eiusmod tempor incididunt ut labore et dolore magna aliqua ut enim ad minim veniam quis nostrud exercitation ullamco laboris nisi ut aliquip ex ea commodo consequat duis aute irure dolor in reprehenderit in voluptate velit esse cillum dolore eu fugiat nulla pariatur excepteur sint occaecat cupidatat non proident sunt in culpa qui officia deserunt mollit anim id est laborum
FELICITACION
Lorem ipsum dolor sit amet consectetur adipiscing elit sed do eiusmod tempor incididunt ut labore et dolore magna aliqua ut enim ad minim veniam quis nostrud exercitation ullamco laboris nisi ut aliquip ex ea commodo consequat duis aute irure dolor in reprehenderit in voluptate velit esse cillum dolore eu fugiat nulla pariatur excepteur sint occaecat cupidatat non proident sunt in culpa qui officia deserunt mollit anim id est laborum Lorem ipsum dolor sit amet consectetur adipiscing elit sed do eiusmod tempor incididunt ut labore et dolore magna aliqua ut enim ad minim veniam quis nostrud exercitation ullamco laboris nisi ut aliquip ex ea commodo consequat duis aute irure dolor in reprehenderit in voluptate velit esse cillum dolore eu fugiat nulla pariatur excepteur sint occaecat cupidatat non proident sunt in culpa qui officia deserunt mollit anim id est laborum Lorem ipsum dolor sit amet consectetur adipiscing elit sed do eiusmod tempor incididunt ut labore et dolore magna aliqua ut enim ad minim veniam quis nostrud exercitation ullamco laboris nisi ut aliquip ex ea commodo consequat duis aute irure dolor in reprehenderit in voluptate velit esse cillum dolore eu fugiat nulla pariatur excepteur sint occaecat cupidatat non proident sunt in culpa qui officia deserunt mollit anim id est laborum Lorem ipsum dolor sit amet consectetur adipiscing elit sed do eiusmod tempor incididunt ut labore et dolore magna aliqua ut enim ad minim veniam quis nostrud exercitation ullamco laboris nisi ut aliquip ex ea commodo consequat duis aute irure dolor in reprehenderit in voluptate velit esse cillum dolore eu fugiat nulla pariatur excepteur sint occaecat cupidatat non proident sunt in culpa qui officia deserunt mollit anim id est laborum
Srta. KATHERINE CARLA QUIROGA ORTEGA
FELICITACION
Lorem ipsum dolor sit amet consectetur adipiscing elit sed do eiusmod tempor incididunt ut labore et dolore magna aliqua ut enim ad minim veniam quis nostrud exercitation ullamco laboris nisi ut aliquip ex ea commodo consequat duis aute irure dolor in reprehenderit in voluptate velit esse cillum dolore eu fugiat nulla pariatur excepteur sint occaecat cupidatat non proident sunt in culpa qui officia deserunt mollit anim id est laborum Lorem ipsum dolor sit amet consectetur adipiscing elit sed do eiusmod tempor incididunt ut labore et dolore magna aliqua ut enim ad minim veniam quis nostrud exercitation ullamco laboris nisi ut aliquip ex ea commodo consequat duis aute irure dolor in reprehenderit in voluptate velit esse cillum dolore eu fugiat nulla pariatur excepteur sint occaecat cupidatat non proident sunt in culpa qui officia deserunt mollit anim id est laborum Lorem ipsum dolor sit amet consectetur adipiscing elit sed do eiusmod tempor incididunt ut labore et dolore magna aliqua ut enim ad minim veniam quis nostrud exercitation ullamco laboris nisi ut aliquip ex ea commodo consequat duis aute irure dolor in reprehenderit in voluptate velit esse cillum dolore eu fugiat nulla pariatur excepteur sint occaecat cupidatat non proident sunt in culpa qui officia deserunt mollit anim id est laborum Lorem ipsum dolor sit amet consectetur adipiscing elit sed do eiusmod tempor incididunt ut labore et dolore magna aliqua ut enim ad minim veniam quis nostrud exercitation ullamco laboris nisi ut aliquip ex ea commodo consequat duis aute irure dolor in reprehenderit in voluptate velit esse cillum dolore eu fugiat nulla pariatur excepteur sint occaecat cupidatat non proident sunt in culpa qui officia deserunt mollit anim id est laborum
Lic. WILSON AGUILAR CALDERON O.
Lorem ipsum dolor sit amet consectetur adipiscing elit sed do eiusmod tempor incididunt ut labore et dolore magna aliqua ut enim ad minim veniam quis nostrud exercitation ullamco laboris nisi ut aliquip ex ea commodo consequat duis aute irure dolor in reprehenderit in voluptate velit esse cillum dolore eu fugiat nulla pariatur excepteur sint occaecat cupidatat non proident sunt in culpa qui officia deserunt mollit anim id est laborum Lorem ipsum dolor sit amet consectetur adipiscing elit sed do eiusmod tempor incididunt ut labore et dolore magna aliqua ut enim ad minim veniam quis nostrud exercitation ullamco laboris nisi ut aliquip ex ea commodo consequat duis aute irure dolor in reprehenderit in voluptate velit esse cillum dolore eu fugiat nulla pariatur excepteur sint occaecat cupidatat non proident sunt in culpa qui officia deserunt mollit anim id est laborum Lorem ipsum dolor sit amet consectetur adipiscing elit sed do eiusmod tempor incididunt ut labore et dolore magna aliqua ut enim ad minim veniam quis nostrud exercitation ullamco laboris nisi ut aliquip ex ea commodo consequat duis aute irure dolor in reprehenderit in voluptate velit esse cillum dolore eu fugiat nulla pariatur excepteur sint occaecat cupidatat non proident sunt in culpa qui officia deserunt mollit anim id est laborum Lorem ipsum dolor sit amet consectetur adipiscing elit sed do eiusmod tempor incididunt ut labore et dolore magna aliqua ut enim ad minim veniam quis nostrud exercitation ullamco laboris nisi ut aliquip ex ea commodo consequat duis aute irure dolor in reprehenderit in voluptate velit esse cillum dolore eu fugiat nulla pariatur excepteur sint occaecat cupidatat non proident sunt in culpa qui officia deserunt mollit anim id est laborum
LA PATRIA
Desde 1919,
un orgullo
para Oruro
y su gente
COMUNICADO
ADMINISTRATIVO
N° 004/2012
Lorem ipsum dolor sit amet consectetur adipiscing elit sed do eiusmod tempor incididunt ut labore et dolore magna aliqua ut enim ad minim veniam quis nostrud exercitation ullamco laboris nisi ut aliquip ex ea commodo consequat duis aute irure dolor in reprehenderit in voluptate velit esse cillum dolore eu fugiat nulla pariatur excepteur sint occaecat cupidatat non proident sunt in culpa qui officia deserunt mollit anim id est laborum Lorem ipsum dolor sit amet consectetur adipiscing elit sed do eiusmod tempor incididunt ut labore et dolore magna aliqua ut enim ad minim veniam quis nostrud exercitation ullamco laboris nisi ut aliquip ex ea commodo consequat duis aute irure dolor in reprehenderit in voluptate velit esse cillum dolore eu fugiat nulla pariatur excepteur sint occaecat cupidatat non proident sunt in culpa qui officia deserunt mollit anim id est laborum Lorem ipsum dolor sit amet consectetur adipiscing elit sed do eiusmod tempor incididunt ut labore et dolore magna aliqua ut enim ad minim veniam quis nostrud exercitation ullamco laboris nisi ut aliquip ex ea commodo consequat duis aute irure dolor in reprehenderit in voluptate velit esse cillum dolore eu fugiat nulla pariatur excepteur sint occaecat cupidatat non proident sunt in culpa qui officia deserunt mollit anim id est laborum Lorem ipsum dolor sit amet consectetur adipiscing elit sed do eiusmod tempor incididunt ut labore et dolore magna aliqua ut enim ad minim veniam quis nostrud exercitation ullamco laboris nisi ut aliquip ex ea commodo consequat duis aute irure dolor in reprehenderit in voluptate velit esse cillum dolore eu fugiat nulla pariatur excepteur sint occaecat cupidatat non proident sunt in culpa qui officia deserunt mollit anim id est laborum
Abog. Wilson Pérez Chávez
Lorem ipsum dolor sit amet consectetur adipiscing elit sed do eiusmod tempor incididunt ut labore et dolore magna aliqua ut enim ad minim veniam quis nostrud exercitation ullamco laboris nisi ut aliquip ex ea commodo consequat duis aute irure dolor in reprehenderit in voluptate velit esse cillum dolore eu fugiat nulla pariatur excepteur sint occaecat cupidatat non proident sunt in culpa qui officia deserunt mollit anim id est laborum Lorem ipsum dolor sit amet consectetur adipiscing elit sed do eiusmod tempor incididunt ut labore et dolore magna aliqua ut enim ad minim veniam quis nostrud exercitation ullamco laboris nisi ut aliquip ex ea commodo consequat duis aute irure dolor in reprehenderit in voluptate velit esse cillum dolore eu fugiat nulla pariatur excepteur sint occaecat cupidatat non proident sunt in culpa qui officia deserunt mollit anim id est laborum Lorem ipsum dolor sit amet consectetur adipiscing elit sed do eiusmod tempor incididunt ut labore et dolore magna aliqua ut enim ad minim veniam quis nostrud exercitation ullamco laboris nisi ut aliquip ex ea commodo consequat duis aute irure dolor in reprehenderit in voluptate velit esse cillum dolore eu fugiat nulla pariatur excepteur sint occaecat cupidatat non proident sunt in culpa qui officia deserunt mollit anim id est laborum Lorem ipsum dolor sit amet consectetur adipiscing elit sed do eiusmod tempor incididunt ut labore et dolore magna aliqua ut enim ad minim veniam quis nostrud exercitation ullamco laboris nisi ut aliquip ex ea commodo consequat duis aute irure dolor in reprehenderit in voluptate velit esse cillum dolore eu fugiat nulla pariatur excepteur sint occaecat cupidatat non proident sunt in culpa qui officia deserunt mollit anim id est laborum
EDICTO
Lorem ipsum dolor sit amet consectetur adipiscing elit sed do eiusmod tempor incididunt ut labore et dolore magna aliqua ut enim ad minim veniam quis nostrud exercitation ullamco laboris nisi ut aliquip ex ea commodo consequat duis aute irure dolor in reprehenderit in voluptate velit esse cillum dolore eu fugiat nulla pariatur excepteur sint occaecat cupidatat non proident sunt in culpa qui officia deserunt mollit anim id est laborum Lorem ipsum dolor sit amet consectetur adipiscing elit sed do eiusmod tempor incididunt ut labore et dolore magna aliqua ut enim ad minim veniam quis nostrud exercitation ullamco laboris nisi ut aliquip ex ea commodo consequat duis aute irure dolor in reprehenderit in voluptate velit esse cillum dolore eu fugiat nulla pariatur excepteur sint occaecat cupidatat non proident sunt in culpa qui officia deserunt mollit anim id est laborum Lorem ipsum dolor sit amet consectetur adipiscing elit sed do eiusmod tempor incididunt ut labore et dolore magna aliqua ut enim ad minim veniam quis nostrud exercitation ullamco laboris nisi ut aliquip ex ea commodo consequat duis aute irure dolor in reprehenderit in voluptate velit esse cillum dolore eu fugiat nulla pariatur excepteur sint occaecat cupidatat non proident sunt in culpa qui officia deserunt mollit anim id est laborum Lorem ipsum dolor sit amet consectetur adipiscing elit sed do eiusmod tempor incididunt ut labore et dolore magna aliqua ut enim ad minim veniam quis nostrud exercitation ullamco laboris nisi ut aliquip ex ea commodo consequat duis aute irure dolor in reprehenderit in voluptate velit esse cillum dolore eu fugiat nulla pariatur excepteur sint occaecat cupidatat non proident sunt in culpa qui officia deserunt mollit anim id est laborum
Lorem ipsum dolor sit amet consectetur adipiscing elit sed do eiusmod tempor incididunt ut labore et dolore magna aliqua ut enim ad minim veniam quis nostrud exercitation ullamco laboris nisi ut aliquip ex ea commodo consequat duis aute irure dolor in reprehenderit in voluptate velit esse cillum dolore eu fugiat nulla pariatur excepteur sint occaecat cupidatat non proident sunt in culpa qui officia deserunt mollit anim id est laborum Lorem ipsum dolor sit amet consectetur adipiscing elit sed do eiusmod tempor incididunt ut labore et dolore magna aliqua ut enim ad minim veniam quis nostrud exercitation ullamco laboris nisi ut aliquip ex ea commodo consequat duis aute irure dolor in reprehenderit in voluptate velit esse cillum dolore eu fugiat nulla pariatur excepteur sint occaecat cupidatat non proident sunt in culpa qui officia deserunt mollit anim id est laborum Lorem ipsum dolor sit amet consectetur adipiscing elit sed do eiusmod tempor incididunt ut labore et dolore magna aliqua ut enim ad minim veniam quis nostrud exercitation ullamco laboris nisi ut aliquip ex ea commodo consequat duis aute irure dolor in reprehenderit in voluptate velit esse cillum dolore eu fugiat nulla pariatur excepteur sint occaecat cupidatat non proident sunt in culpa qui officia deserunt mollit anim id est laborum Lorem ipsum dolor sit amet consectetur adipiscing elit sed do eiusmod tempor incididunt ut labore et dolore magna aliqua ut enim ad minim veniam quis nostrud exercitation ullamco laboris nisi ut aliquip ex ea commodo consequat duis aute irure dolor in reprehenderit in voluptate velit esse cillum dolore eu fugiat nulla pariatur excepteur sint occaecat cupidatat non proident sunt in culpa qui officia deserunt mollit anim id est laborum
CORRESPONDE TESTIMONIO N° 273/2.012
Lorem ipsum dolor sit amet consectetur adipiscing elit sed do eiusmod tempor incididunt ut labore et dolore magna aliqua ut enim ad minim veniam quis nostrud exercitation ullamco laboris nisi ut aliquip ex ea commodo consequat duis aute irure dolor in reprehenderit in voluptate velit esse cillum dolore eu fugiat nulla pariatur excepteur sint occaecat cupidatat non proident sunt in culpa qui officia deserunt mollit anim id est laborum Lorem ipsum dolor sit amet consectetur adipiscing elit sed do eiusmod tempor incididunt ut labore et dolore magna aliqua ut enim ad minim veniam quis nostrud exercitation ullamco laboris nisi ut aliquip ex ea commodo consequat duis aute irure dolor in reprehenderit in voluptate velit esse cillum dolore eu fugiat nulla pariatur excepteur sint occaecat cupidatat non proident sunt in culpa qui officia deserunt mollit anim id est laborum Lorem ipsum dolor sit amet consectetur adipiscing elit sed do eiusmod tempor incididunt ut labore et dolore magna aliqua ut enim ad minim veniam quis nostrud exercitation ullamco laboris nisi ut aliquip ex ea commodo consequat duis aute irure dolor in reprehenderit in voluptate velit esse cillum dolore eu fugiat nulla pariatur excepteur sint occaecat cupidatat non proident sunt in culpa qui officia deserunt mollit anim id est laborum Lorem ipsum dolor sit amet consectetur adipiscing elit sed do eiusmod tempor incididunt ut labore et dolore magna aliqua ut enim ad minim veniam quis nostrud exercitation ullamco laboris nisi ut aliquip ex ea commodo consequat duis aute irure dolor in reprehenderit in voluptate velit esse cillum dolore eu fugiat nulla pariatur excepteur sint occaecat cupidatat non proident sunt in culpa qui officia deserunt mollit anim id est laborum
